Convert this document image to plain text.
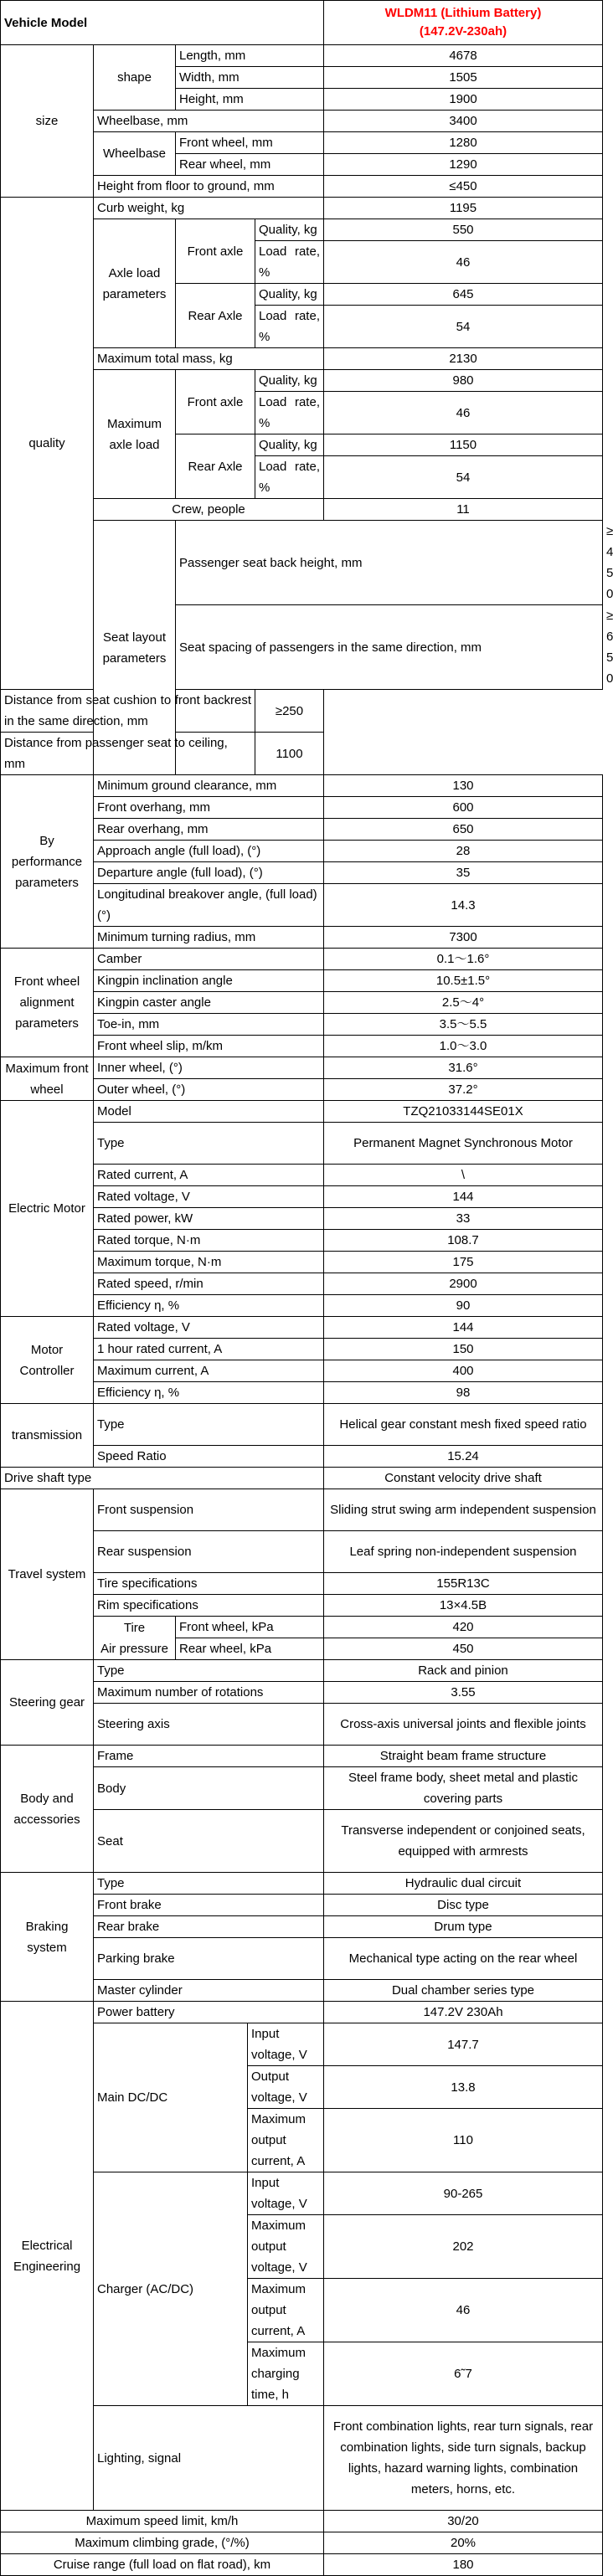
Vehicle Model					WLDM11 (Lithium Battery)
(147.2V-230ah)	
size	shape	Length, mm			4678	
		Width, mm			1505	
		Height, mm			1900	
	Wheelbase, mm				3400	
	Wheelbase	Front wheel, mm			1280	
		Rear wheel, mm			1290	
	Height from floor to ground, mm				≤450	
quality	Curb weight, kg				1195	
	Axle load parameters	Front axle		Quality, kg	550	
				Load rate, %	46	
		Rear Axle		Quality, kg	645	
				Load rate, %	54	
	Maximum total mass, kg				2130	
	Maximum axle load	Front axle		Quality, kg	980	
				Load rate, %	46	
		Rear Axle		Quality, kg	1150	
				Load rate, %	54	
	Crew, people				11	
	Seat layout parameters	Passenger seat back height, mm				≥450
		Seat spacing of passengers in the same direction, mm				≥650
Distance from seat cushion to front backrest in the same direction, mm				≥250		
Distance from passenger seat to ceiling, mm				1100		
By performance parameters	Minimum ground clearance, mm				130	
	Front overhang, mm				600	
	Rear overhang, mm				650	
	Approach angle (full load), (°)				28	
	Departure angle (full load), (°)				35	
	Longitudinal breakover angle, (full load) (°)				14.3	
	Minimum turning radius, mm				7300	
Front wheel alignment parameters	Camber				0.1～1.6°	
	Kingpin inclination angle				10.5±1.5°	
	Kingpin caster angle				2.5～4°	
	Toe-in, mm				3.5～5.5	
	Front wheel slip, m/km				1.0～3.0	
Maximum front wheel	Inner wheel, (°)				31.6°	
	Outer wheel, (°)				37.2°	
Electric Motor	Model				TZQ21033144SE01X	
	Type				Permanent Magnet Synchronous Motor	
	Rated current, A				\	
	Rated voltage, V				144	
	Rated power, kW				33	
	Rated torque, N·m				108.7	
	Maximum torque, N·m				175	
	Rated speed, r/min				2900	
	Efficiency η, %				90	
Motor Controller	Rated voltage, V				144	
	1 hour rated current, A				150	
	Maximum current, A				400	
	Efficiency η, %				98	
transmission	Type				Helical gear constant mesh fixed speed ratio	
	Speed Ratio				15.24	
Drive shaft type					Constant velocity drive shaft	
Travel system	Front suspension				Sliding strut swing arm independent suspension	
	Rear suspension				Leaf spring non-independent suspension	
	Tire specifications				155R13C	
	Rim specifications				13×4.5B	
	Tire
Air pressure	Front wheel, kPa			420	
		Rear wheel, kPa			450	
Steering gear	Type				Rack and pinion	
	Maximum number of rotations				3.55	
	Steering axis				Cross-axis universal joints and flexible joints	
Body and accessories	Frame				Straight beam frame structure	
	Body				Steel frame body, sheet metal and plastic covering parts	
	Seat				Transverse independent or conjoined seats, equipped with armrests	
Braking system	Type				Hydraulic dual circuit	
	Front brake				Disc type	
	Rear brake				Drum type	
	Parking brake				Mechanical type acting on the rear wheel	
	Master cylinder				Dual chamber series type	
Electrical Engineering	Power battery				147.2V 230Ah	
	Main DC/DC		Input voltage, V		147.7	
			Output voltage, V		13.8	
			Maximum output current, A		110	
	Charger (AC/DC)		Input voltage, V		90-265	
			Maximum output voltage, V		202	
			Maximum output current, A		46	
			Maximum charging time, h		6˜7	
	Lighting, signal				Front combination lights, rear turn signals, rear combination lights, side turn signals, backup lights, hazard warning lights, combination meters, horns, etc.	
Maximum speed limit, km/h					30/20	
Maximum climbing grade, (°/%)					20%	
Cruise range (full load on flat road), km					180	
